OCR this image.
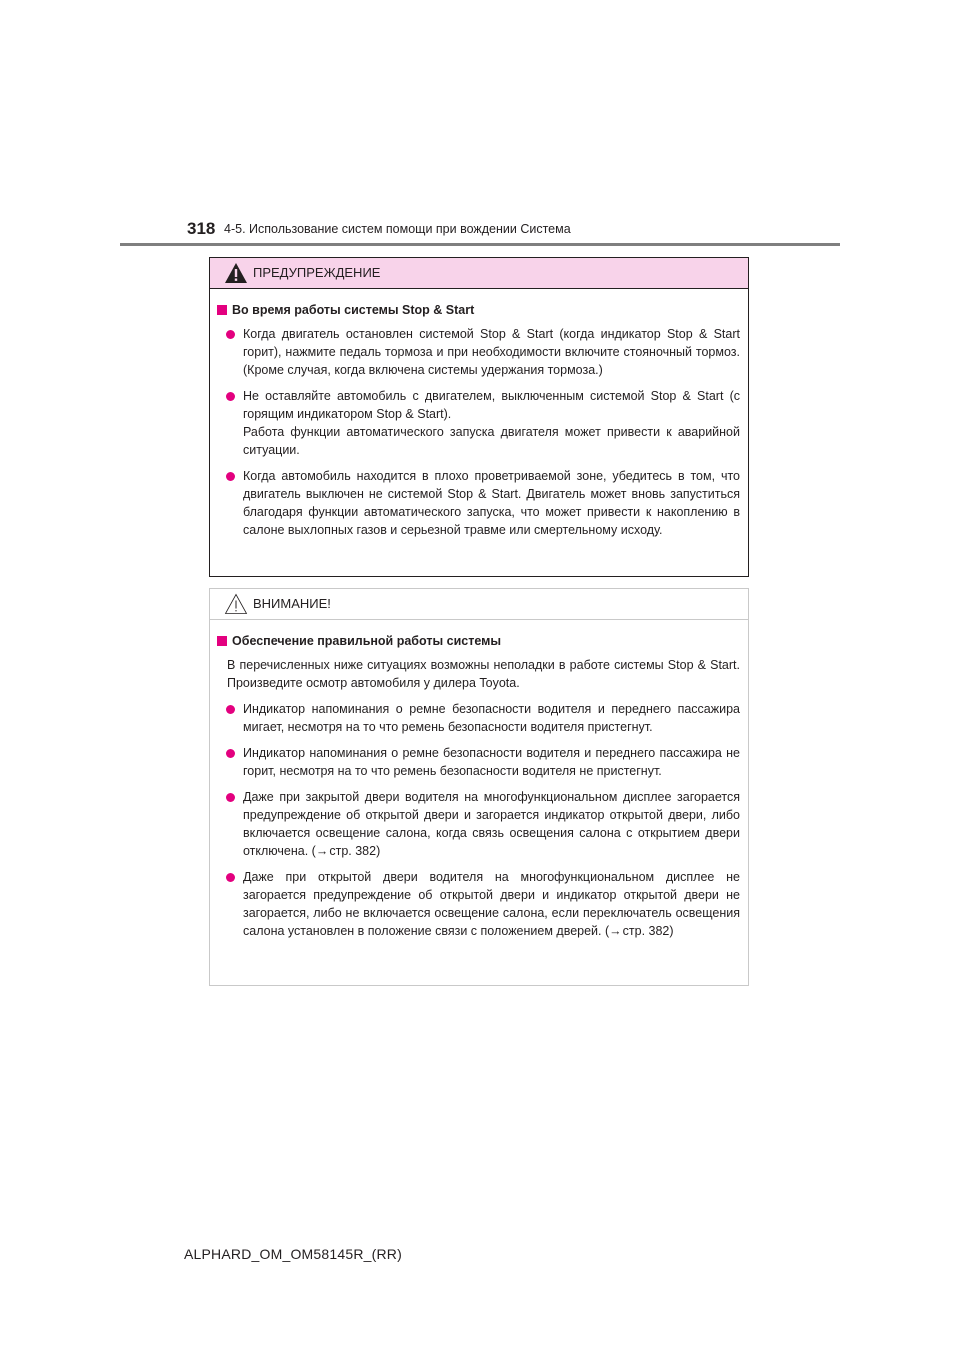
318 4-5. Использование систем помощи при вождении Система
ПРЕДУПРЕЖДЕНИЕ
Во время работы системы Stop & Start
Когда двигатель остановлен системой Stop & Start (когда индикатор Stop & Start горит), нажмите педаль тормоза и при необходимости включите стояночный тормоз. (Кроме случая, когда включена системы удержания тормоза.)
Не оставляйте автомобиль с двигателем, выключенным системой Stop & Start (с горящим индикатором Stop & Start).
Работа функции автоматического запуска двигателя может привести к аварийной ситуации.
Когда автомобиль находится в плохо проветриваемой зоне, убедитесь в том, что двигатель выключен не системой Stop & Start. Двигатель может вновь запуститься благодаря функции автоматического запуска, что может привести к накоплению в салоне выхлопных газов и серьезной травме или смертельному исходу.
ВНИМАНИЕ!
Обеспечение правильной работы системы
В перечисленных ниже ситуациях возможны неполадки в работе системы Stop & Start. Произведите осмотр автомобиля у дилера Toyota.
Индикатор напоминания о ремне безопасности водителя и переднего пассажира мигает, несмотря на то что ремень безопасности водителя пристегнут.
Индикатор напоминания о ремне безопасности водителя и переднего пассажира не горит, несмотря на то что ремень безопасности водителя не пристегнут.
Даже при закрытой двери водителя на многофункциональном дисплее загорается предупреждение об открытой двери и загорается индикатор открытой двери, либо включается освещение салона, когда связь освещения салона с открытием двери отключена. (→стр. 382)
Даже при открытой двери водителя на многофункциональном дисплее не загорается предупреждение об открытой двери и индикатор открытой двери не загорается, либо не включается освещение салона, если переключатель освещения салона установлен в положение связи с положением дверей. (→стр. 382)
ALPHARD_OM_OM58145R_(RR)
